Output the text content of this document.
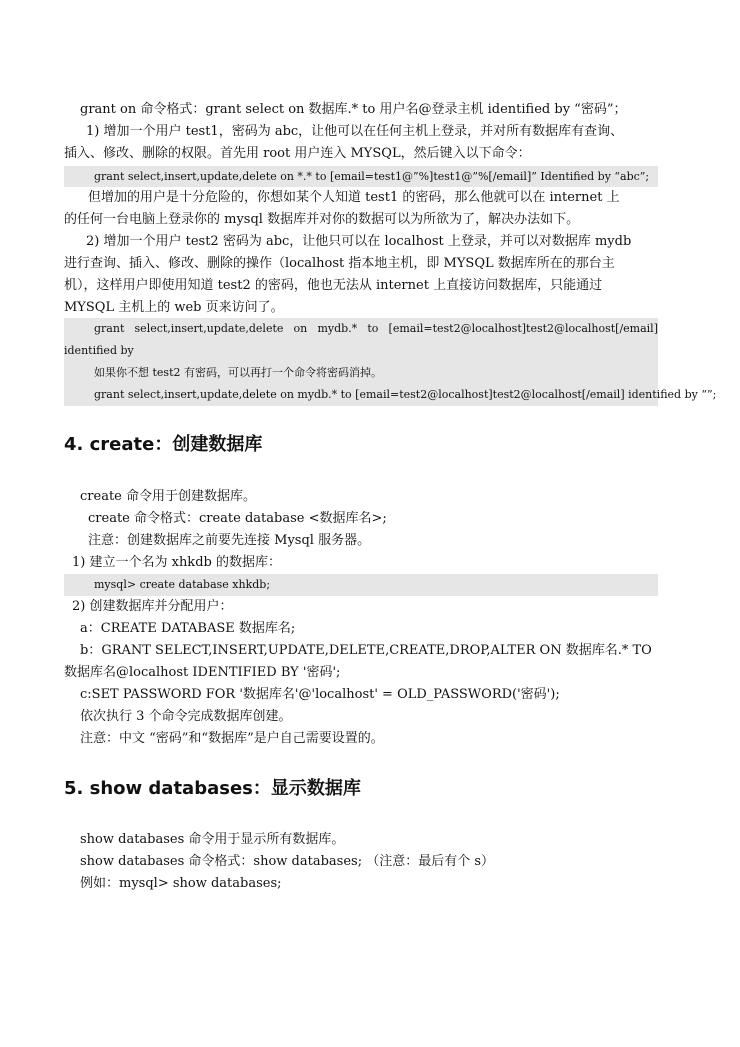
grant on 命令格式：grant select on 数据库.* to 用户名@登录主机 identified by “密码”；

1) 增加一个用户 test1，密码为 abc，让他可以在任何主机上登录，并对所有数据库有查询、
插入、修改、删除的权限。首先用 root 用户连入 MYSQL，然后键入以下命令：

grant select,insert,update,delete on *.* to [email=test1@”%]test1@”%[/email]” Identified by “abc”;

但增加的用户是十分危险的，你想如某个人知道 test1 的密码，那么他就可以在 internet 上
的任何一台电脑上登录你的 mysql 数据库并对你的数据可以为所欲为了，解决办法如下。

2) 增加一个用户 test2 密码为 abc，让他只可以在 localhost 上登录，并可以对数据库 mydb
进行查询、插入、修改、删除的操作（localhost 指本地主机，即 MYSQL 数据库所在的那台主
机），这样用户即使用知道 test2 的密码，他也无法从 internet 上直接访问数据库，只能通过
MYSQL 主机上的 web 页来访问了。

grant select,insert,update,delete on mydb.* to [email=test2@localhost]test2@localhost[/email] identified by
如果你不想 test2 有密码，可以再打一个命令将密码消掉。
grant select,insert,update,delete on mydb.* to [email=test2@localhost]test2@localhost[/email] identified by “”;
4. create：创建数据库

create 命令用于创建数据库。

create 命令格式：create database <数据库名>;

注意：创建数据库之前要先连接 Mysql 服务器。

1) 建立一个名为 xhkdb 的数据库：

mysql> create database xhkdb;

2) 创建数据库并分配用户：

a：CREATE DATABASE 数据库名;

b：GRANT SELECT,INSERT,UPDATE,DELETE,CREATE,DROP,ALTER ON 数据库名.* TO
数据库名@localhost IDENTIFIED BY '密码';

c:SET PASSWORD FOR '数据库名'@'localhost' = OLD_PASSWORD('密码');

依次执行 3 个命令完成数据库创建。

注意：中文 “密码”和“数据库”是户自己需要设置的。

5. show databases：显示数据库

show databases 命令用于显示所有数据库。

show databases 命令格式：show databases; （注意：最后有个 s）

例如：mysql> show databases;
